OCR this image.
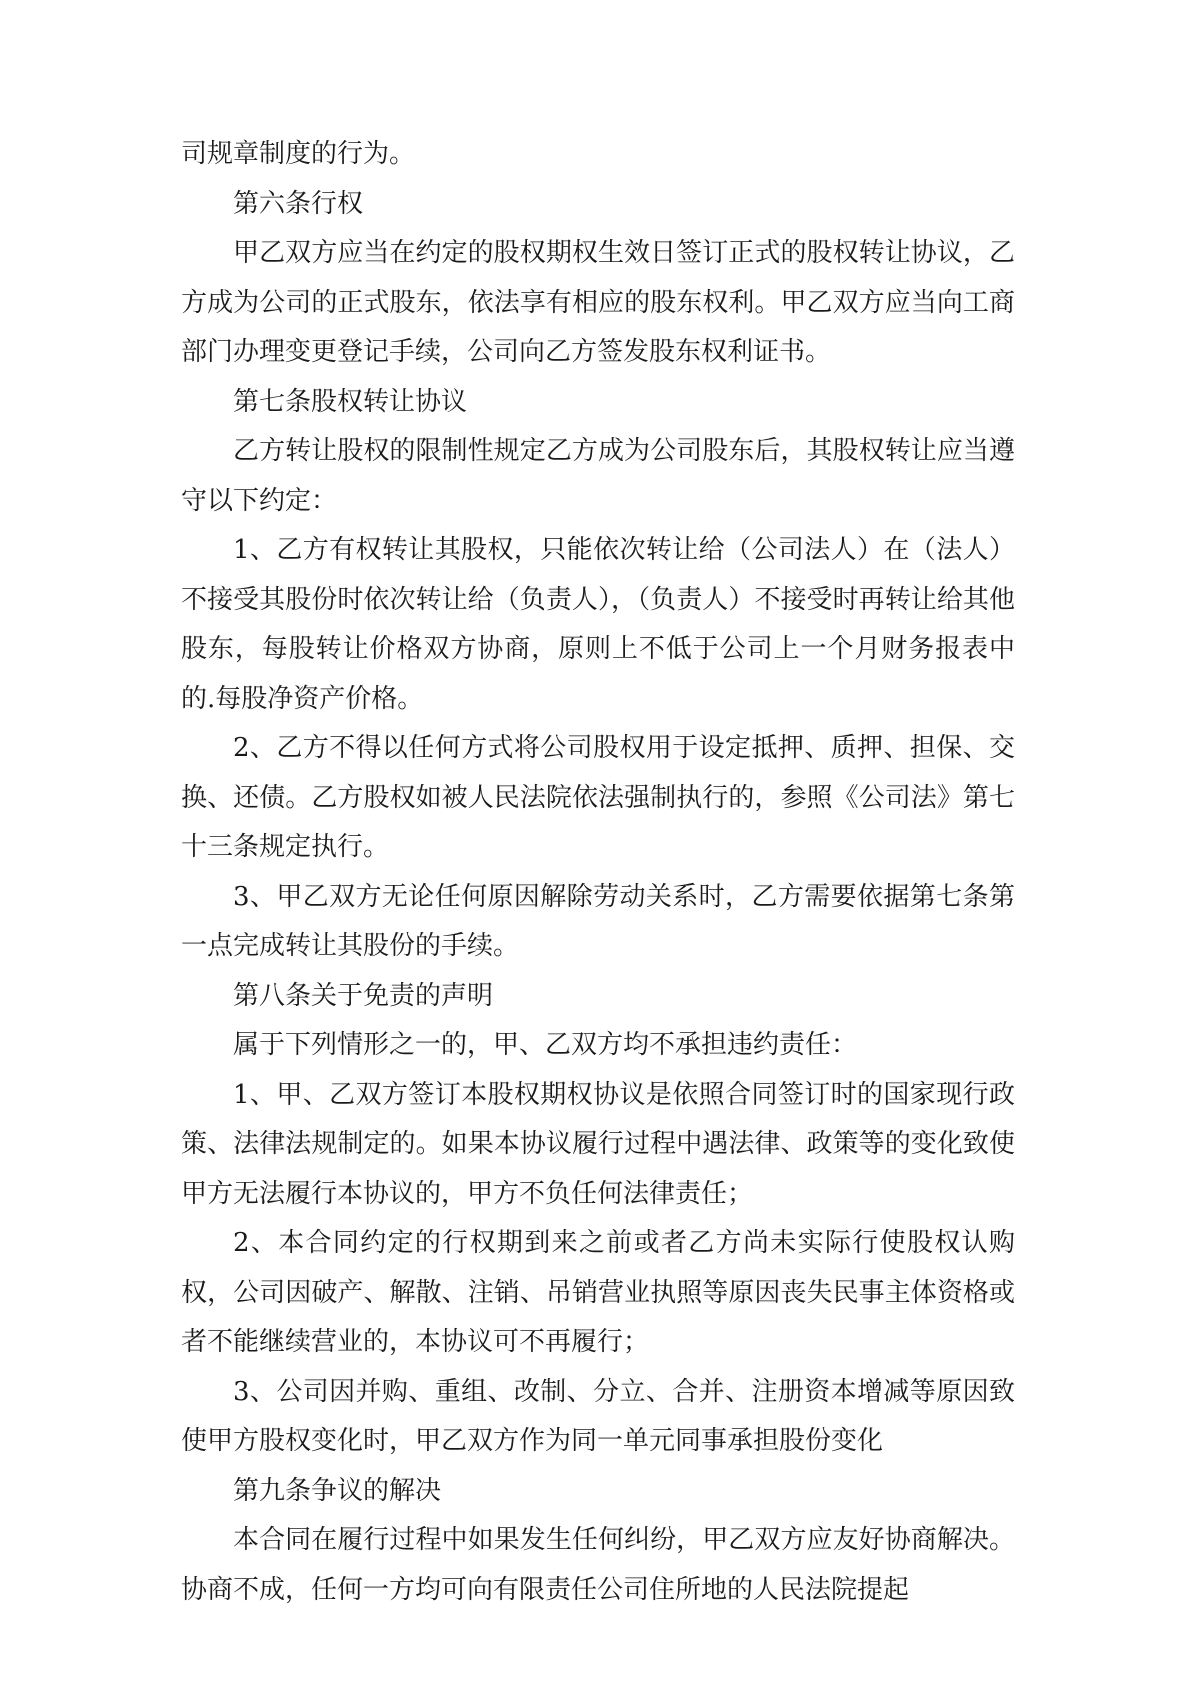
司规章制度的行为。

第六条行权

甲乙双方应当在约定的股权期权生效日签订正式的股权转让协议，乙方成为公司的正式股东，依法享有相应的股东权利。甲乙双方应当向工商部门办理变更登记手续，公司向乙方签发股东权利证书。

第七条股权转让协议

乙方转让股权的限制性规定乙方成为公司股东后，其股权转让应当遵守以下约定：

1、乙方有权转让其股权，只能依次转让给（公司法人）在（法人）不接受其股份时依次转让给（负责人），（负责人）不接受时再转让给其他股东，每股转让价格双方协商，原则上不低于公司上一个月财务报表中的.每股净资产价格。

2、乙方不得以任何方式将公司股权用于设定抵押、质押、担保、交换、还债。乙方股权如被人民法院依法强制执行的，参照《公司法》第七十三条规定执行。

3、甲乙双方无论任何原因解除劳动关系时，乙方需要依据第七条第一点完成转让其股份的手续。

第八条关于免责的声明

属于下列情形之一的，甲、乙双方均不承担违约责任：

1、甲、乙双方签订本股权期权协议是依照合同签订时的国家现行政策、法律法规制定的。如果本协议履行过程中遇法律、政策等的变化致使甲方无法履行本协议的，甲方不负任何法律责任；

2、本合同约定的行权期到来之前或者乙方尚未实际行使股权认购权，公司因破产、解散、注销、吊销营业执照等原因丧失民事主体资格或者不能继续营业的，本协议可不再履行；

3、公司因并购、重组、改制、分立、合并、注册资本增减等原因致使甲方股权变化时，甲乙双方作为同一单元同事承担股份变化

第九条争议的解决

本合同在履行过程中如果发生任何纠纷，甲乙双方应友好协商解决。协商不成，任何一方均可向有限责任公司住所地的人民法院提起
